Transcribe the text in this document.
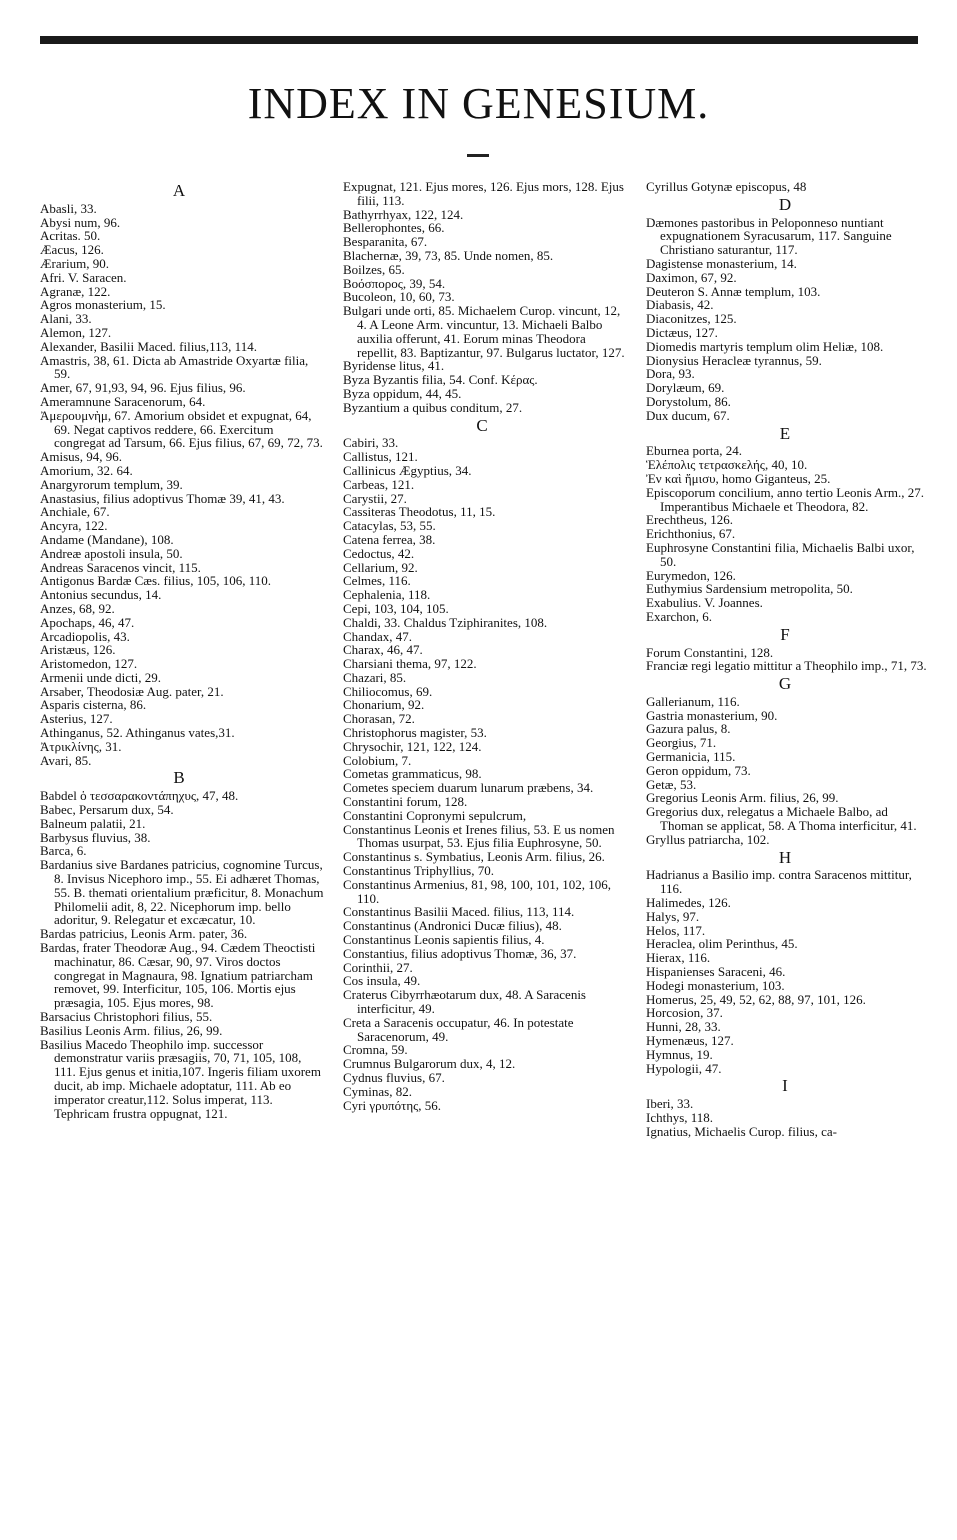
INDEX IN GENESIUM.
A

Abasli, 33.

Abysi num, 96.

Acritas. 50.

Æacus, 126.

Ærarium, 90.

Afri. V. Saracen.

Agranæ, 122.

Agros monasterium, 15.

Alani, 33.

Alemon, 127.

Alexander, Basilii Maced. filius,113, 114.

Amastris, 38, 61. Dicta ab Amastride Oxyartæ filia, 59.

Amer, 67, 91,93, 94, 96. Ejus filius, 96.

Ameramnune Saracenorum, 64.

Ἀμερουμνὴμ, 67. Amorium obsidet et expugnat, 64, 69. Negat captivos reddere, 66. Exercitum congregat ad Tarsum, 66. Ejus filius, 67, 69, 72, 73.

Amisus, 94, 96.

Amorium, 32. 64.

Anargyrorum templum, 39.

Anastasius, filius adoptivus Thomæ 39, 41, 43.

Anchiale, 67.

Ancyra, 122.

Andame (Mandane), 108.

Andreæ apostoli insula, 50.

Andreas Saracenos vincit, 115.

Antigonus Bardæ Cæs. filius, 105, 106, 110.

Antonius secundus, 14.

Anzes, 68, 92.

Apochaps, 46, 47.

Arcadiopolis, 43.

Aristæus, 126.

Aristomedon, 127.

Armenii unde dicti, 29.

Arsaber, Theodosiæ Aug. pater, 21.

Asparis cisterna, 86.

Asterius, 127.

Athinganus, 52. Athinganus vates,31.

Ἀτρικλίνης, 31.

Avari, 85.

B

Babdel ὁ τεσσαρακοντάπηχυς, 47, 48.

Babec, Persarum dux, 54.

Balneum palatii, 21.

Barbysus fluvius, 38.

Barca, 6.

Bardanius sive Bardanes patricius, cognomine Turcus, 8. Invisus Nicephoro imp., 55. Ei adhæret Thomas, 55. B. themati orientalium præficitur, 8. Monachum Philomelii adit, 8, 22. Nicephorum imp. bello adoritur, 9. Relegatur et excæcatur, 10.

Bardas patricius, Leonis Arm. pater, 36.

Bardas, frater Theodoræ Aug., 94. Cædem Theoctisti machinatur, 86. Cæsar, 90, 97. Viros doctos congregat in Magnaura, 98. Ignatium patriarcham removet, 99. Interficitur, 105, 106. Mortis ejus præsagia, 105. Ejus mores, 98.

Barsacius Christophori filius, 55.

Basilius Leonis Arm. filius, 26, 99.

Basilius Macedo Theophilo imp. successor demonstratur variis præsagiis, 70, 71, 105, 108, 111. Ejus genus et initia,107. Ingeris filiam uxorem ducit, ab imp. Michaele adoptatur, 111. Ab eo imperator creatur,112. Solus imperat, 113. Tephricam frustra oppugnat, 121.

Expugnat, 121. Ejus mores, 126. Ejus mors, 128. Ejus filii, 113.

Bathyrrhyax, 122, 124.

Bellerophontes, 66.

Besparanita, 67.

Blachernæ, 39, 73, 85. Unde nomen, 85.

Boilzes, 65.

Βοόσπορος, 39, 54.

Bucoleon, 10, 60, 73.

Bulgari unde orti, 85. Michaelem Curop. vincunt, 12, 4. A Leone Arm. vincuntur, 13. Michaeli Balbo auxilia offerunt, 41. Eorum minas Theodora repellit, 83. Baptizantur, 97. Bulgarus luctator, 127.

Byridense litus, 41.

Byza Byzantis filia, 54. Conf. Κέρας.

Byza oppidum, 44, 45.

Byzantium a quibus conditum, 27.

C

Cabiri, 33.

Callistus, 121.

Callinicus Ægyptius, 34.

Carbeas, 121.

Carystii, 27.

Cassiteras Theodotus, 11, 15.

Catacylas, 53, 55.

Catena ferrea, 38.

Cedoctus, 42.

Cellarium, 92.

Celmes, 116.

Cephalenia, 118.

Cepi, 103, 104, 105.

Chaldi, 33. Chaldus Tziphiranites, 108.

Chandax, 47.

Charax, 46, 47.

Charsiani thema, 97, 122.

Chazari, 85.

Chiliocomus, 69.

Chonarium, 92.

Chorasan, 72.

Christophorus magister, 53.

Chrysochir, 121, 122, 124.

Colobium, 7.

Cometas grammaticus, 98.

Cometes speciem duarum lunarum præbens, 34.

Constantini forum, 128.

Constantini Copronymi sepulcrum,

Constantinus Leonis et Irenes filius, 53. E us nomen Thomas usurpat, 53. Ejus filia Euphrosyne, 50.

Constantinus s. Symbatius, Leonis Arm. filius, 26.

Constantinus Triphyllius, 70.

Constantinus Armenius, 81, 98, 100, 101, 102, 106, 110.

Constantinus Basilii Maced. filius, 113, 114.

Constantinus (Andronici Ducæ filius), 48.

Constantinus Leonis sapientis filius, 4.

Constantius, filius adoptivus Thomæ, 36, 37.

Corinthii, 27.

Cos insula, 49.

Craterus Cibyrrhæotarum dux, 48. A Saracenis interficitur, 49.

Creta a Saracenis occupatur, 46. In potestate Saracenorum, 49.

Cromna, 59.

Crumnus Bulgarorum dux, 4, 12.

Cydnus fluvius, 67.

Cyminas, 82.

Cyri γρυπότης, 56.

Cyrillus Gotynæ episcopus, 48

D

Dæmones pastoribus in Peloponneso nuntiant expugnationem Syracusarum, 117. Sanguine Christiano saturantur, 117.

Dagistense monasterium, 14.

Daximon, 67, 92.

Deuteron S. Annæ templum, 103.

Diabasis, 42.

Diaconitzes, 125.

Dictæus, 127.

Diomedis martyris templum olim Heliæ, 108.

Dionysius Heracleæ tyrannus, 59.

Dora, 93.

Dorylæum, 69.

Dorystolum, 86.

Dux ducum, 67.

E

Eburnea porta, 24.

Ἑλέπολις τετρασκελής, 40, 10.

Ἐν καὶ ἥμισυ, homo Giganteus, 25.

Episcoporum concilium, anno tertio Leonis Arm., 27. Imperantibus Michaele et Theodora, 82.

Erechtheus, 126.

Erichthonius, 67.

Euphrosyne Constantini filia, Michaelis Balbi uxor, 50.

Eurymedon, 126.

Euthymius Sardensium metropolita, 50.

Exabulius. V. Joannes.

Exarchon, 6.

F

Forum Constantini, 128.

Franciæ regi legatio mittitur a Theophilo imp., 71, 73.

G

Gallerianum, 116.

Gastria monasterium, 90.

Gazura palus, 8.

Georgius, 71.

Germanicia, 115.

Geron oppidum, 73.

Getæ, 53.

Gregorius Leonis Arm. filius, 26, 99.

Gregorius dux, relegatus a Michaele Balbo, ad Thoman se applicat, 58. A Thoma interficitur, 41.

Gryllus patriarcha, 102.

H

Hadrianus a Basilio imp. contra Saracenos mittitur, 116.

Halimedes, 126.

Halys, 97.

Helos, 117.

Heraclea, olim Perinthus, 45.

Hierax, 116.

Hispanienses Saraceni, 46.

Hodegi monasterium, 103.

Homerus, 25, 49, 52, 62, 88, 97, 101, 126.

Horcosion, 37.

Hunni, 28, 33.

Hymenæus, 127.

Hymnus, 19.

Hypologii, 47.

I

Iberi, 33.

Ichthys, 118.

Ignatius, Michaelis Curop. filius, ca-
